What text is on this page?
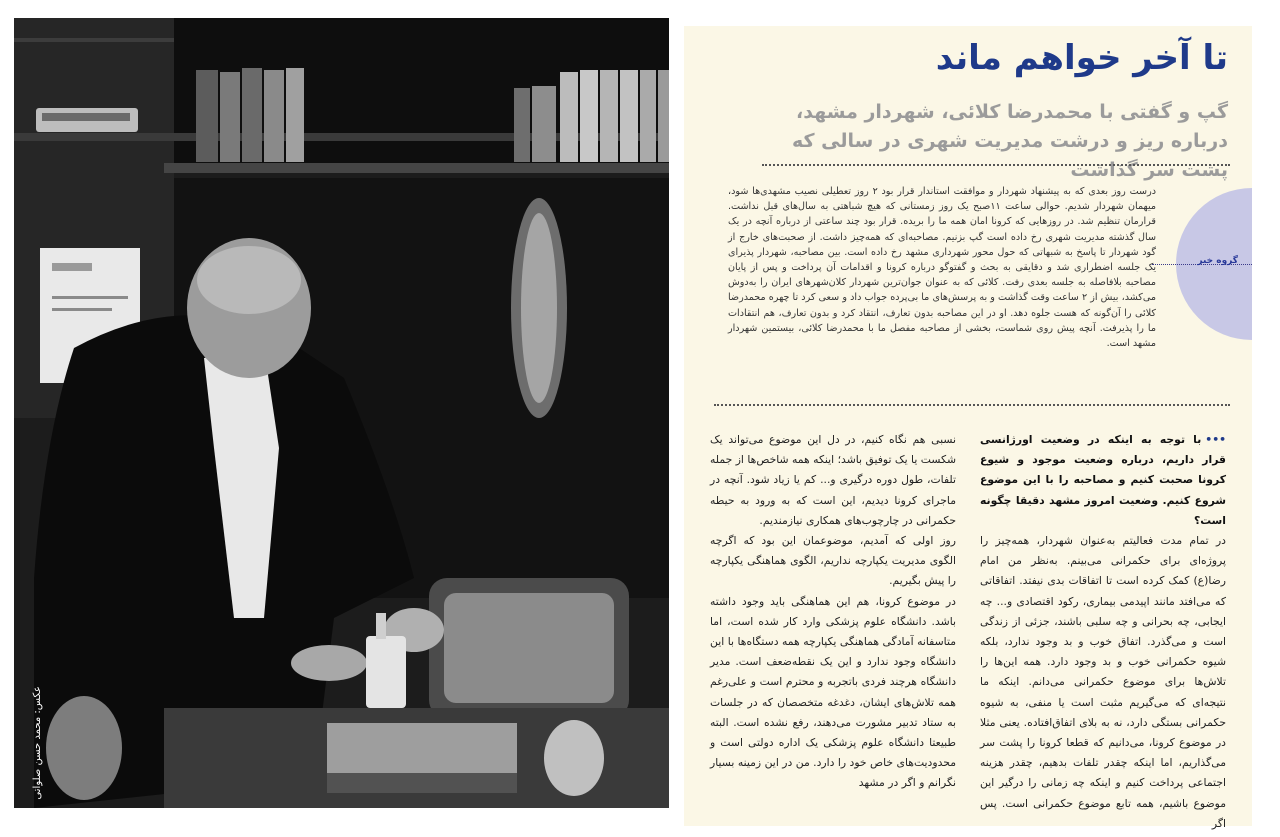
عکس: محمد حسن صلواتی
تا آخر خواهم ماند
گپ و گفتی با محمدرضا کلائی، شهردار مشهد، درباره ریز و درشت مدیریت شهری در سالی که پشت سر گذاشت
گروه خبر
درست روز بعدی که به پیشنهاد شهردار و موافقت استاندار قرار بود ۲ روز تعطیلی نصیب مشهدی‌ها شود، میهمان شهردار شدیم. حوالی ساعت ۱۱صبح یک روز زمستانی که هیچ شباهتی به سال‌های قبل نداشت. قرارمان تنظیم شد. در روزهایی که کرونا امان همه ما را بریده. قرار بود چند ساعتی از درباره آنچه در یک سال گذشته مدیریت شهری رخ داده است گپ بزنیم. مصاحبه‌ای که همه‌چیز داشت. از صحبت‌های خارج از گود شهردار تا پاسخ به شبهاتی که حول محور شهرداری مشهد رخ داده است. بین مصاحبه، شهردار پذیرای یک جلسه اضطراری شد و دقایقی به بحث و گفتوگو درباره کرونا و اقدامات آن پرداخت و پس از پایان مصاحبه بلافاصله به جلسه بعدی رفت. کلائی که به عنوان جوان‌ترین شهردار کلان‌شهرهای ایران را به‌دوش می‌کشد، بیش از ۲ ساعت وقت گذاشت و به پرسش‌های ما بی‌پرده جواب داد و سعی کرد تا چهره محمدرضا کلائی را آن‌گونه که هست جلوه دهد. او در این مصاحبه بدون تعارف، انتقاد کرد و بدون تعارف، هم انتقادات ما را پذیرفت. آنچه پیش روی شماست، بخشی از مصاحبه مفصل ما با محمدرضا کلائی، بیستمین شهردار مشهد است.
•••با توجه به اینکه در وضعیت اورژانسی قرار داریم، درباره وضعیت موجود و شیوع کرونا صحبت کنیم و مصاحبه را با این موضوع شروع کنیم. وضعیت امروز مشهد دقیقا چگونه است؟
در تمام مدت فعالیتم به‌عنوان شهردار، همه‌چیز را پروژه‌ای برای حکمرانی می‌بینم. به‌نظر من امام رضا(ع) کمک کرده است تا اتفاقات بدی نیفتد. اتفاقاتی که می‌افتد مانند اپیدمی بیماری، رکود اقتصادی و... چه ایجابی، چه بحرانی و چه سلبی باشند، جزئی از زندگی است و می‌گذرد. اتفاق خوب و بد وجود ندارد، بلکه شیوه حکمرانی خوب و بد وجود دارد. همه این‌ها را تلاش‌ها برای موضوع حکمرانی می‌دانم. اینکه ما نتیجه‌ای که می‌گیریم مثبت است یا منفی، به شیوه حکمرانی بستگی دارد، نه به بلای اتفاق‌افتاده. یعنی مثلا در موضوع کرونا، می‌دانیم که قطعا کرونا را پشت سر می‌گذاریم، اما اینکه چقدر تلفات بدهیم، چقدر هزینه اجتماعی پرداخت کنیم و اینکه چه زمانی را درگیر این موضوع باشیم، همه تابع موضوع حکمرانی است. پس اگر
نسبی هم نگاه کنیم، در دل این موضوع می‌تواند یک شکست یا یک توفیق باشد؛ اینکه همه شاخص‌ها از جمله تلفات، طول دوره درگیری و... کم یا زیاد شود. آنچه در ماجرای کرونا دیدیم، این است که به ورود به حیطه حکمرانی در چارچوب‌های همکاری نیازمندیم.
روز اولی که آمدیم، موضوعمان این بود که اگرچه الگوی مدیریت یکپارچه نداریم، الگوی هماهنگی یکپارچه را پیش بگیریم.
در موضوع کرونا، هم این هماهنگی باید وجود داشته باشد. دانشگاه علوم پزشکی وارد کار شده است، اما متاسفانه آمادگی هماهنگی یکپارچه همه دستگاه‌ها با این دانشگاه وجود ندارد و این یک نقطه‌ضعف است. مدیر دانشگاه هرچند فردی باتجربه و محترم است و علی‌رغم همه تلاش‌های ایشان، دغدغه متخصصان که در جلسات به ستاد تدبیر مشورت می‌دهند، رفع نشده است. البته طبیعتا دانشگاه علوم پزشکی یک اداره دولتی است و محدودیت‌های خاص خود را دارد. من در این زمینه بسیار نگرانم و اگر در مشهد
